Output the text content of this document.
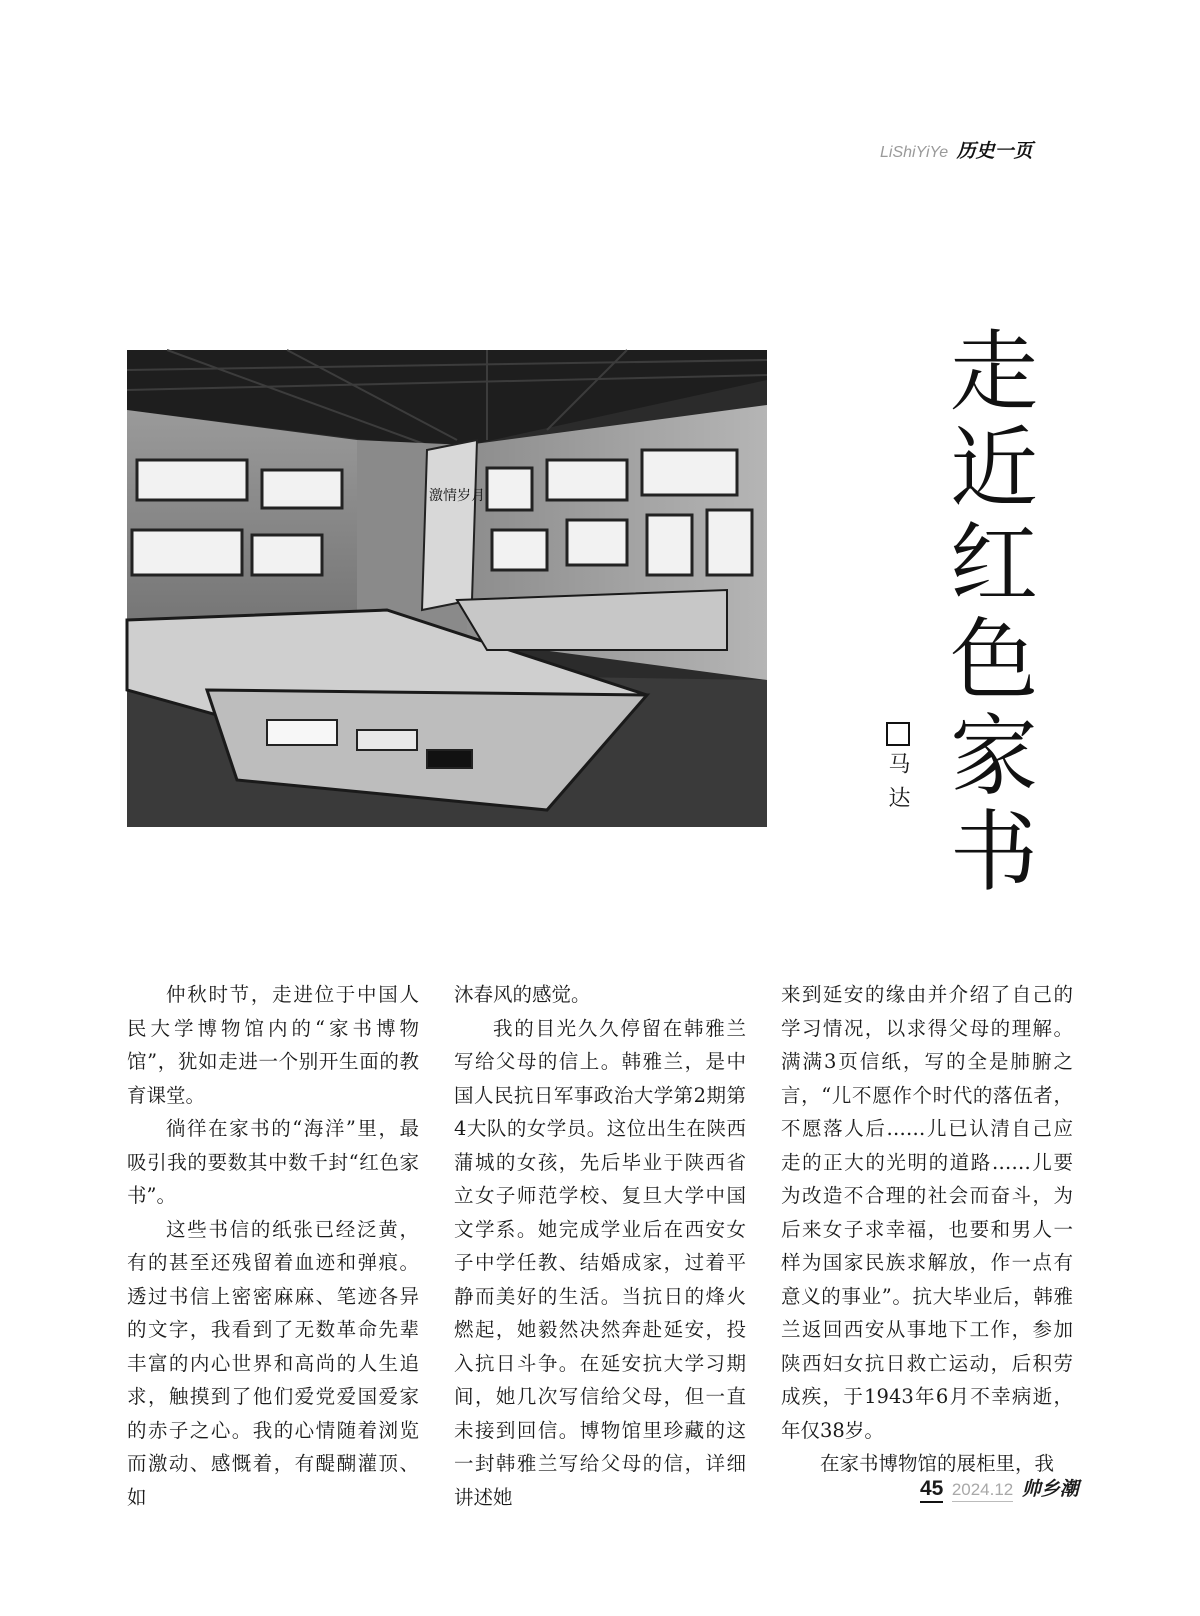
LiShiYiYe 历史一页
激情岁月	走近红色家书
马达

仲秋时节，走进位于中国人民大学博物馆内的“家书博物馆”，犹如走进一个别开生面的教育课堂。

徜徉在家书的“海洋”里，最吸引我的要数其中数千封“红色家书”。

这些书信的纸张已经泛黄，有的甚至还残留着血迹和弹痕。透过书信上密密麻麻、笔迹各异的文字，我看到了无数革命先辈丰富的内心世界和高尚的人生追求，触摸到了他们爱党爱国爱家的赤子之心。我的心情随着浏览而激动、感慨着，有醍醐灌顶、如

沐春风的感觉。

我的目光久久停留在韩雅兰写给父母的信上。韩雅兰，是中国人民抗日军事政治大学第2期第4大队的女学员。这位出生在陕西蒲城的女孩，先后毕业于陕西省立女子师范学校、复旦大学中国文学系。她完成学业后在西安女子中学任教、结婚成家，过着平静而美好的生活。当抗日的烽火燃起，她毅然决然奔赴延安，投入抗日斗争。在延安抗大学习期间，她几次写信给父母，但一直未接到回信。博物馆里珍藏的这一封韩雅兰写给父母的信，详细讲述她

来到延安的缘由并介绍了自己的学习情况，以求得父母的理解。满满3页信纸，写的全是肺腑之言，“儿不愿作个时代的落伍者，不愿落人后……儿已认清自己应走的正大的光明的道路……儿要为改造不合理的社会而奋斗，为后来女子求幸福，也要和男人一样为国家民族求解放，作一点有意义的事业”。抗大毕业后，韩雅兰返回西安从事地下工作，参加陕西妇女抗日救亡运动，后积劳成疾，于1943年6月不幸病逝，年仅38岁。

在家书博物馆的展柜里，我

45 2024.12 帅乡潮
